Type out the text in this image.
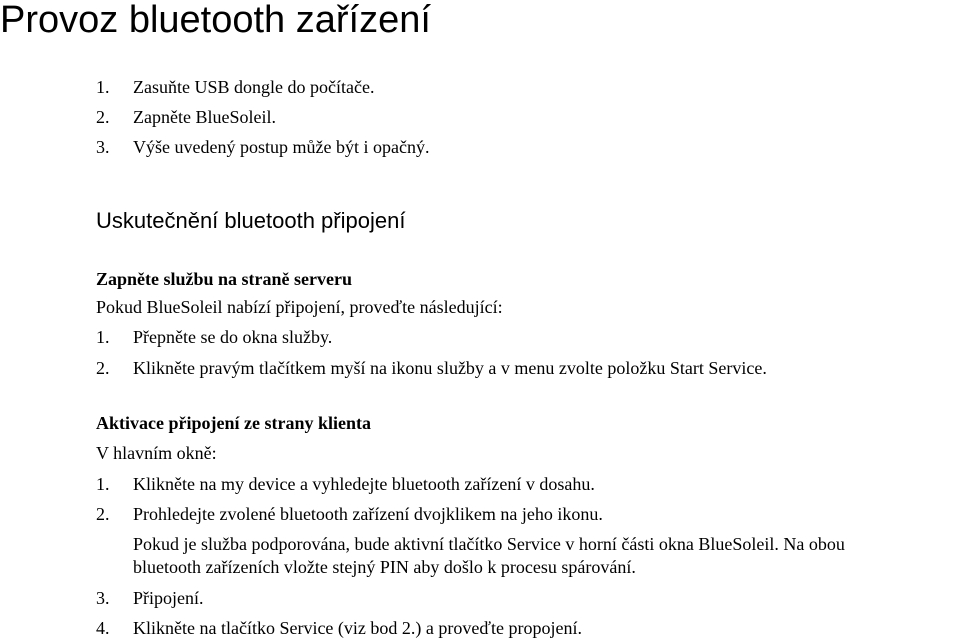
Provoz bluetooth zařízení
1. Zasuňte USB dongle do počítače.
2. Zapněte BlueSoleil.
3. Výše uvedený postup může být i opačný.
Uskutečnění bluetooth připojení
Zapněte službu na straně serveru
Pokud BlueSoleil nabízí připojení, proveďte následující:
1. Přepněte se do okna služby.
2. Klikněte pravým tlačítkem myší na ikonu služby a v menu zvolte položku Start Service.
Aktivace připojení ze strany klienta
V hlavním okně:
1. Klikněte na my device a vyhledejte bluetooth zařízení v dosahu.
2. Prohledejte zvolené bluetooth zařízení dvojklikem na jeho ikonu.
Pokud je služba podporována, bude aktivní tlačítko Service v horní části okna BlueSoleil. Na obou
bluetooth zařízeních vložte stejný PIN aby došlo k procesu spárování.
3. Připojení.
4. Klikněte na tlačítko Service (viz bod 2.) a proveďte propojení.
